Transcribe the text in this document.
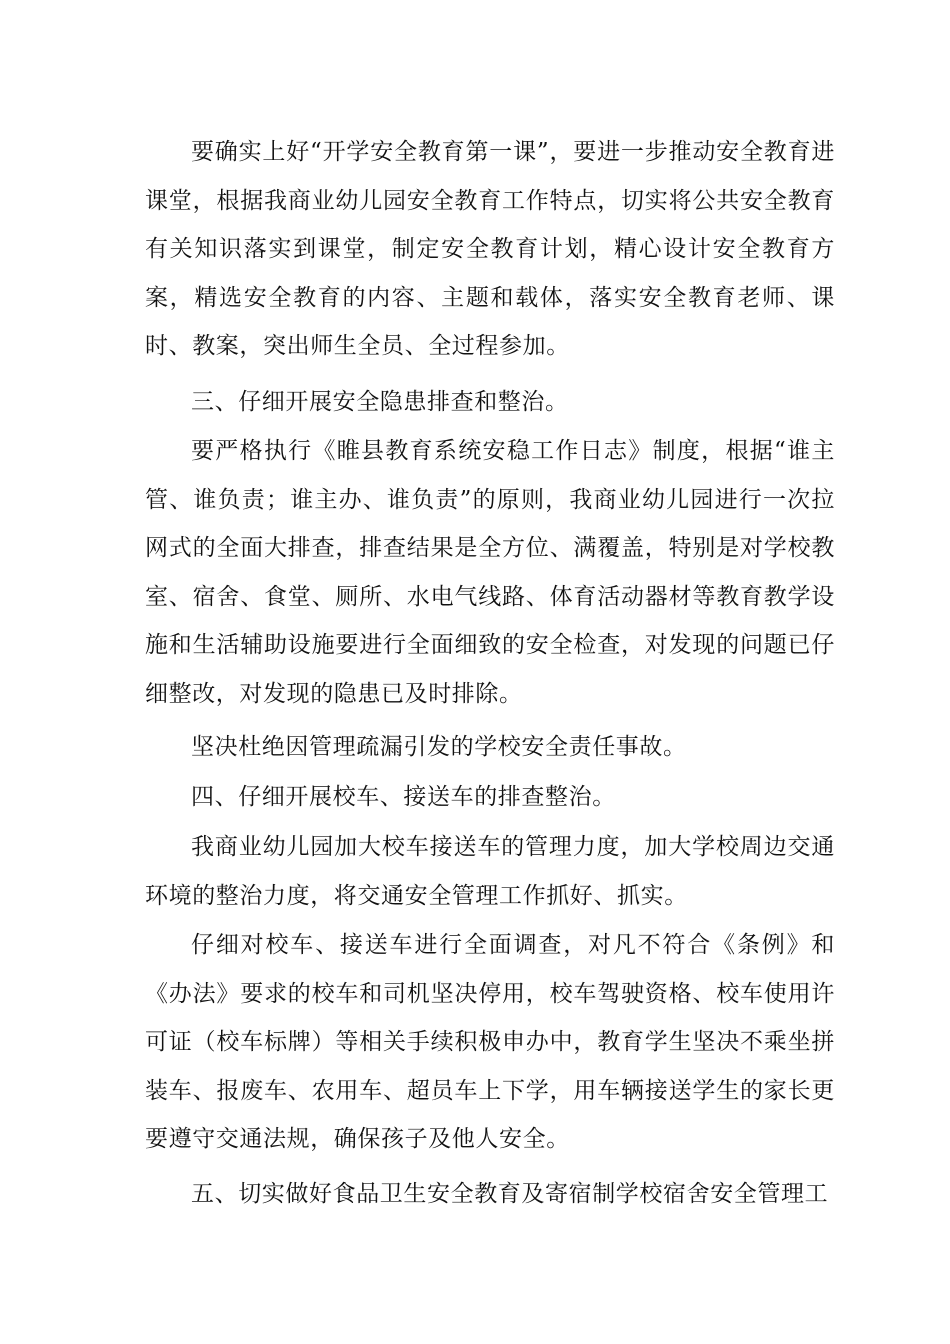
要确实上好“开学安全教育第一课”，要进一步推动安全教育进课堂，根据我商业幼儿园安全教育工作特点，切实将公共安全教育有关知识落实到课堂，制定安全教育计划，精心设计安全教育方案，精选安全教育的内容、主题和载体，落实安全教育老师、课时、教案，突出师生全员、全过程参加。

三、仔细开展安全隐患排查和整治。

要严格执行《睢县教育系统安稳工作日志》制度，根据“谁主管、谁负责；谁主办、谁负责”的原则，我商业幼儿园进行一次拉网式的全面大排查，排查结果是全方位、满覆盖，特别是对学校教室、宿舍、食堂、厕所、水电气线路、体育活动器材等教育教学设施和生活辅助设施要进行全面细致的安全检查，对发现的问题已仔细整改，对发现的隐患已及时排除。

坚决杜绝因管理疏漏引发的学校安全责任事故。

四、仔细开展校车、接送车的排查整治。

我商业幼儿园加大校车接送车的管理力度，加大学校周边交通环境的整治力度，将交通安全管理工作抓好、抓实。

仔细对校车、接送车进行全面调查，对凡不符合《条例》和《办法》要求的校车和司机坚决停用，校车驾驶资格、校车使用许可证（校车标牌）等相关手续积极申办中，教育学生坚决不乘坐拼装车、报废车、农用车、超员车上下学，用车辆接送学生的家长更要遵守交通法规，确保孩子及他人安全。

五、切实做好食品卫生安全教育及寄宿制学校宿舍安全管理工
